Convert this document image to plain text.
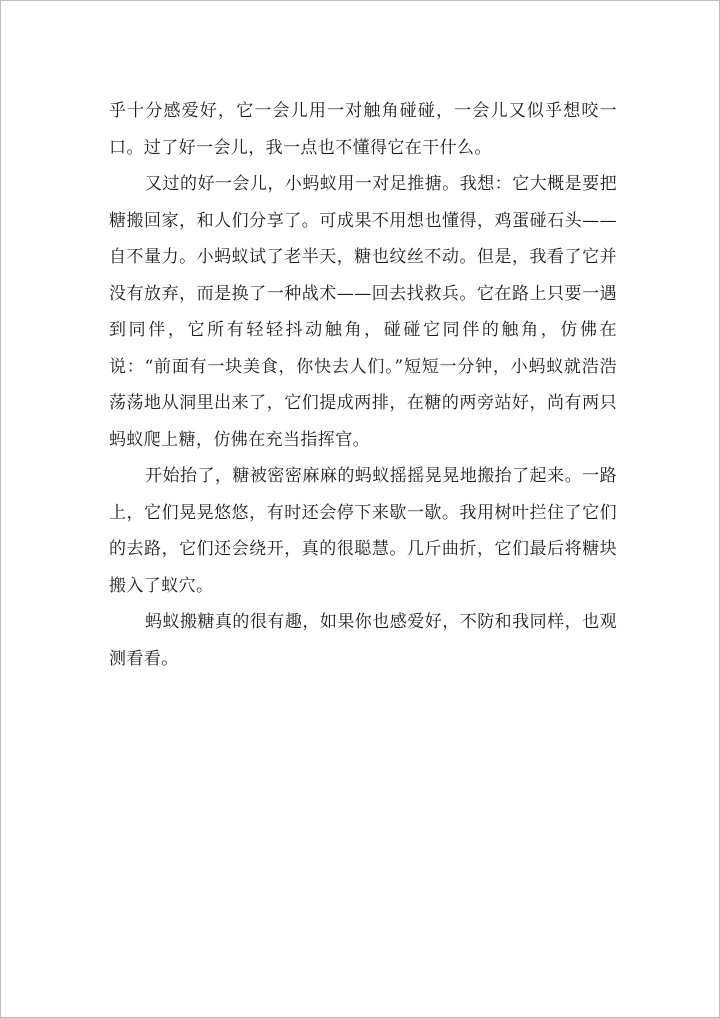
乎十分感爱好，它一会儿用一对触角碰碰，一会儿又似乎想咬一口。过了好一会儿，我一点也不懂得它在干什么。

又过的好一会儿，小蚂蚁用一对足推搪。我想：它大概是要把糖搬回家，和人们分享了。可成果不用想也懂得，鸡蛋碰石头——自不量力。小蚂蚁试了老半天，糖也纹丝不动。但是，我看了它并没有放弃，而是换了一种战术——回去找救兵。它在路上只要一遇到同伴，它所有轻轻抖动触角，碰碰它同伴的触角，仿佛在说：“前面有一块美食，你快去人们。”短短一分钟，小蚂蚁就浩浩荡荡地从洞里出来了，它们提成两排，在糖的两旁站好，尚有两只蚂蚁爬上糖，仿佛在充当指挥官。

开始抬了，糖被密密麻麻的蚂蚁摇摇晃晃地搬抬了起来。一路上，它们晃晃悠悠，有时还会停下来歇一歇。我用树叶拦住了它们的去路，它们还会绕开，真的很聪慧。几斤曲折，它们最后将糖块搬入了蚁穴。

蚂蚁搬糖真的很有趣，如果你也感爱好，不防和我同样，也观测看看。
